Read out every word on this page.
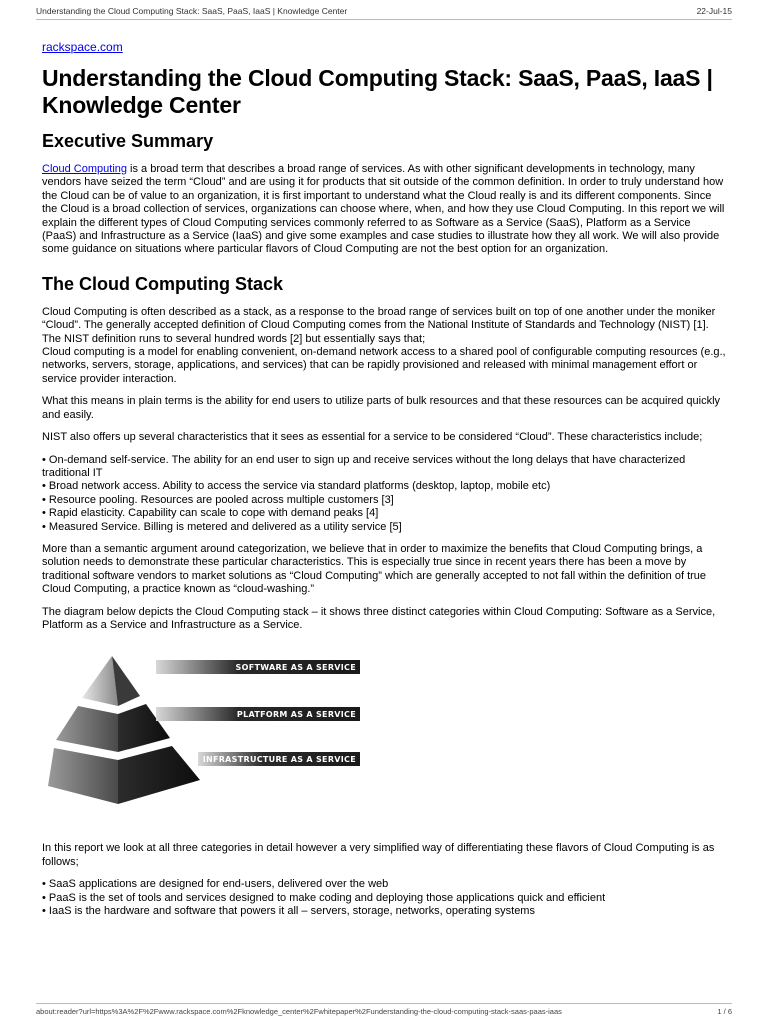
Understanding the Cloud Computing Stack: SaaS, PaaS, IaaS | Knowledge Center	22-Jul-15
rackspace.com
Understanding the Cloud Computing Stack: SaaS, PaaS, IaaS | Knowledge Center
Executive Summary

Cloud Computing is a broad term that describes a broad range of services. As with other significant developments in technology, many vendors have seized the term “Cloud” and are using it for products that sit outside of the common definition. In order to truly understand how the Cloud can be of value to an organization, it is first important to understand what the Cloud really is and its different components. Since the Cloud is a broad collection of services, organizations can choose where, when, and how they use Cloud Computing. In this report we will explain the different types of Cloud Computing services commonly referred to as Software as a Service (SaaS), Platform as a Service (PaaS) and Infrastructure as a Service (IaaS) and give some examples and case studies to illustrate how they all work. We will also provide some guidance on situations where particular flavors of Cloud Computing are not the best option for an organization.

The Cloud Computing Stack

Cloud Computing is often described as a stack, as a response to the broad range of services built on top of one another under the moniker “Cloud”. The generally accepted definition of Cloud Computing comes from the National Institute of Standards and Technology (NIST) [1]. The NIST definition runs to several hundred words [2] but essentially says that;
Cloud computing is a model for enabling convenient, on-demand network access to a shared pool of configurable computing resources (e.g., networks, servers, storage, applications, and services) that can be rapidly provisioned and released with minimal management effort or service provider interaction.

What this means in plain terms is the ability for end users to utilize parts of bulk resources and that these resources can be acquired quickly and easily.

NIST also offers up several characteristics that it sees as essential for a service to be considered “Cloud”. These characteristics include;

• On-demand self-service. The ability for an end user to sign up and receive services without the long delays that have characterized traditional IT
• Broad network access. Ability to access the service via standard platforms (desktop, laptop, mobile etc)
• Resource pooling. Resources are pooled across multiple customers [3]
• Rapid elasticity. Capability can scale to cope with demand peaks [4]
• Measured Service. Billing is metered and delivered as a utility service [5]

More than a semantic argument around categorization, we believe that in order to maximize the benefits that Cloud Computing brings, a solution needs to demonstrate these particular characteristics. This is especially true since in recent years there has been a move by traditional software vendors to market solutions as “Cloud Computing” which are generally accepted to not fall within the definition of true Cloud Computing, a practice known as “cloud-washing.”

The diagram below depicts the Cloud Computing stack – it shows three distinct categories within Cloud Computing: Software as a Service, Platform as a Service and Infrastructure as a Service.

SOFTWARE AS A SERVICE
PLATFORM AS A SERVICE
INFRASTRUCTURE AS A SERVICE

In this report we look at all three categories in detail however a very simplified way of differentiating these flavors of Cloud Computing is as follows;

• SaaS applications are designed for end-users, delivered over the web
• PaaS is the set of tools and services designed to make coding and deploying those applications quick and efficient
• IaaS is the hardware and software that powers it all – servers, storage, networks, operating systems
about:reader?url=https%3A%2F%2Fwww.rackspace.com%2Fknowledge_center%2Fwhitepaper%2Funderstanding-the-cloud-computing-stack-saas-paas-iaas	1 / 6
